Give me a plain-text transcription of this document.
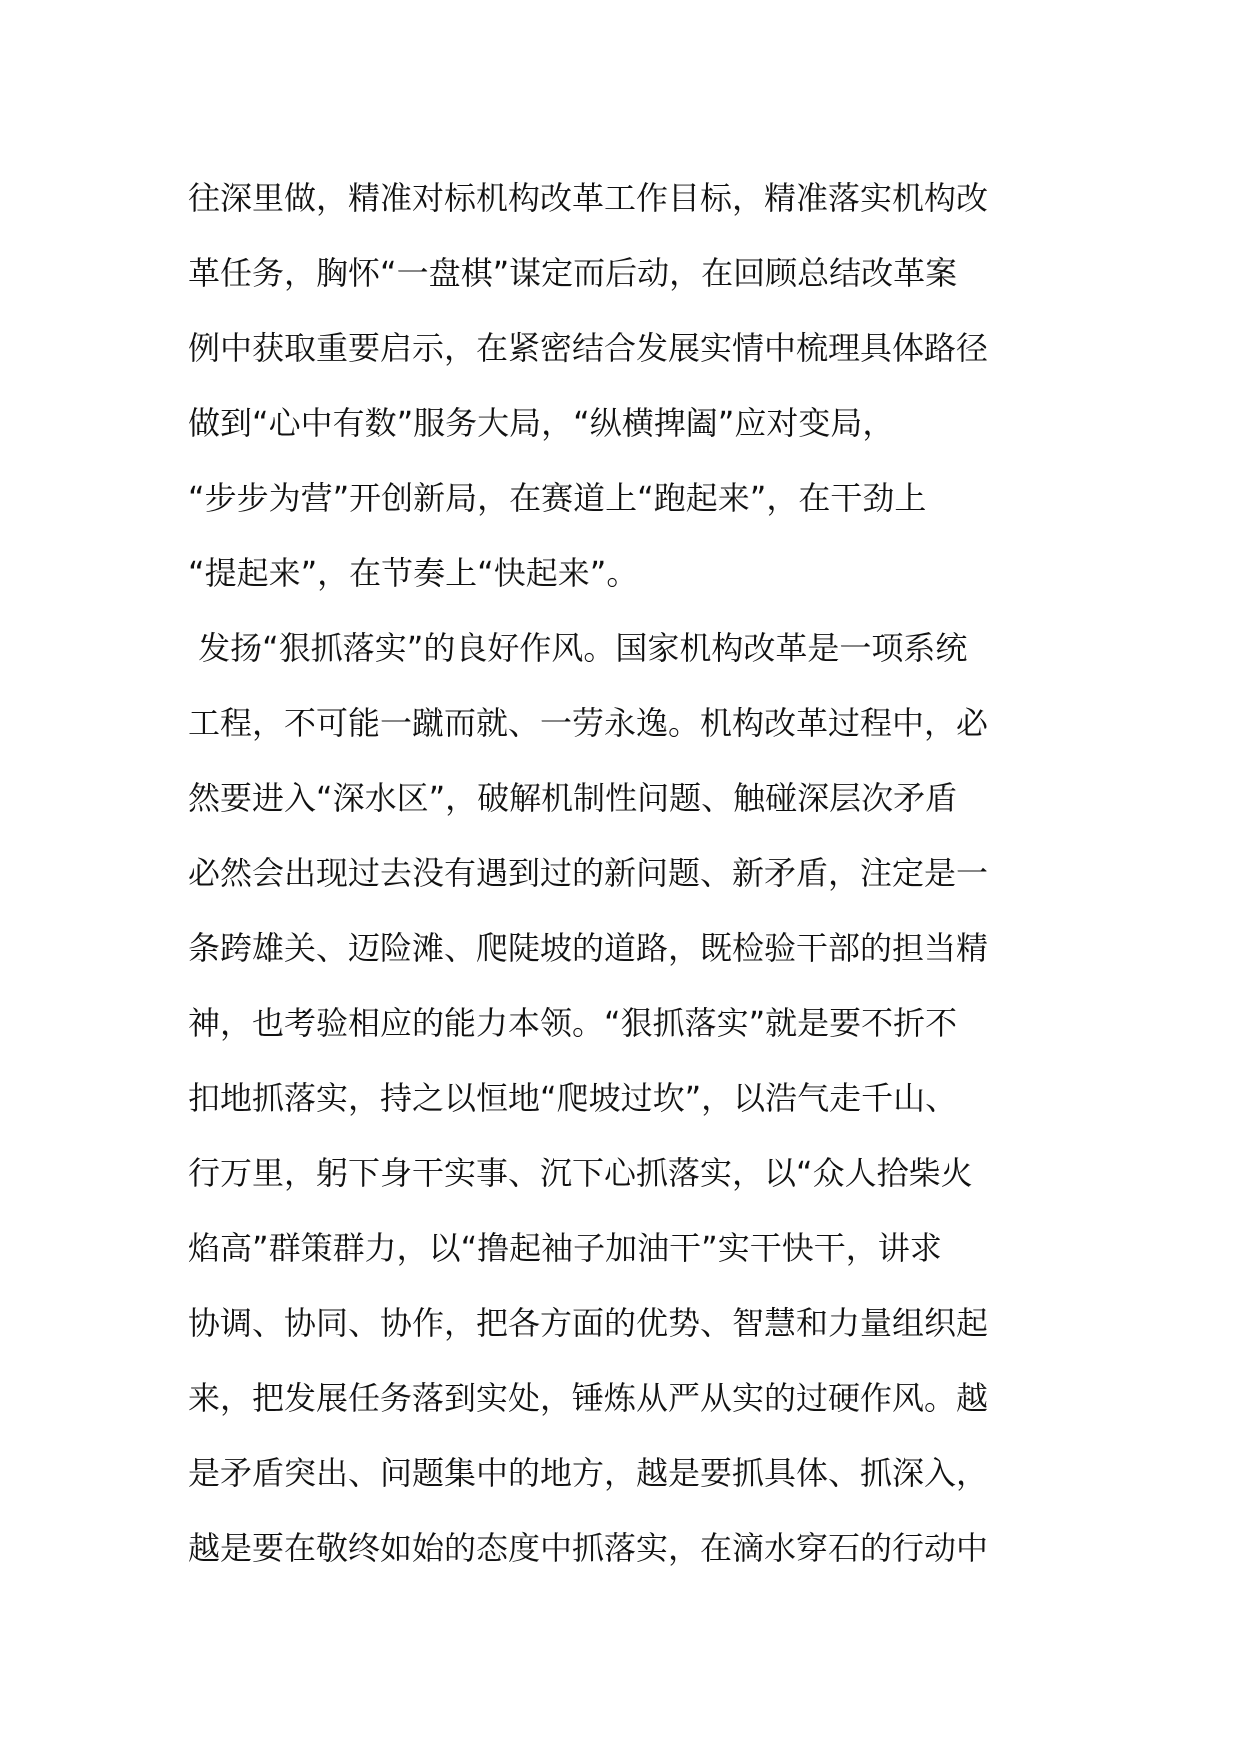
往深里做，精准对标机构改革工作目标，精准落实机构改
革任务，胸怀“一盘棋”谋定而后动，在回顾总结改革案
例中获取重要启示，在紧密结合发展实情中梳理具体路径
做到“心中有数”服务大局，“纵横捭阖”应对变局，
“步步为营”开创新局，在赛道上“跑起来”，在干劲上
“提起来”，在节奏上“快起来”。
发扬“狠抓落实”的良好作风。国家机构改革是一项系统
工程，不可能一蹴而就、一劳永逸。机构改革过程中，必
然要进入“深水区”，破解机制性问题、触碰深层次矛盾
必然会出现过去没有遇到过的新问题、新矛盾，注定是一
条跨雄关、迈险滩、爬陡坡的道路，既检验干部的担当精
神，也考验相应的能力本领。“狠抓落实”就是要不折不
扣地抓落实，持之以恒地“爬坡过坎”，以浩气走千山、
行万里，躬下身干实事、沉下心抓落实，以“众人拾柴火
焰高”群策群力，以“撸起袖子加油干”实干快干，讲求
协调、协同、协作，把各方面的优势、智慧和力量组织起
来，把发展任务落到实处，锤炼从严从实的过硬作风。越
是矛盾突出、问题集中的地方，越是要抓具体、抓深入，
越是要在敬终如始的态度中抓落实，在滴水穿石的行动中
